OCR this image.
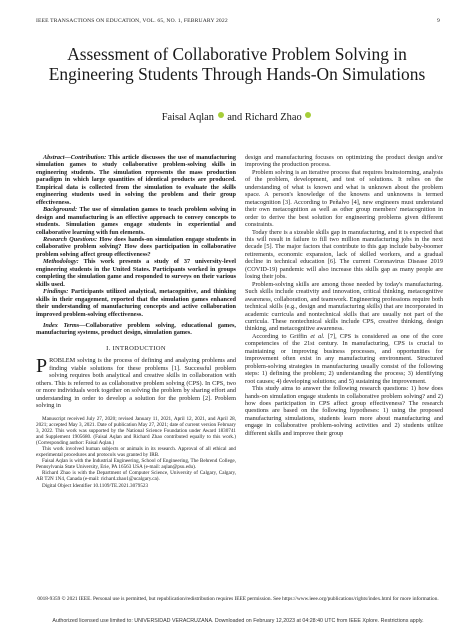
IEEE TRANSACTIONS ON EDUCATION, VOL. 65, NO. 1, FEBRUARY 2022	9
Assessment of Collaborative Problem Solving in Engineering Students Through Hands-On Simulations
Faisal Aqlan and Richard Zhao

Abstract—Contribution: This article discusses the use of manufacturing simulation games to study collaborative problem-solving skills in engineering students. The simulation represents the mass production paradigm in which large quantities of identical products are produced. Empirical data is collected from the simulation to evaluate the skills engineering students used in solving the problem and their group effectiveness.

Background: The use of simulation games to teach problem solving in design and manufacturing is an effective approach to convey concepts to students. Simulation games engage students in experiential and collaborative learning with fun elements.

Research Questions: How does hands-on simulation engage students in collaborative problem solving? How does participation in collaborative problem solving affect group effectiveness?

Methodology: This work presents a study of 37 university-level engineering students in the United States. Participants worked in groups completing the simulation game and responded to surveys on their various skills used.

Findings: Participants utilized analytical, metacognitive, and thinking skills in their engagement, reported that the simulation games enhanced their understanding of manufacturing concepts and active collaboration improved problem-solving effectiveness.

Index Terms—Collaborative problem solving, educational games, manufacturing systems, product design, simulation games.

I. INTRODUCTION

PROBLEM solving is the process of defining and analyzing problems and finding viable solutions for these problems [1]. Successful problem solving requires both analytical and creative skills in collaboration with others. This is referred to as collaborative problem solving (CPS). In CPS, two or more individuals work together on solving the problem by sharing effort and understanding in order to develop a solution for the problem [2]. Problem solving in

Manuscript received July 27, 2020; revised January 11, 2021, April 12, 2021, and April 28, 2021; accepted May 3, 2021. Date of publication May 27, 2021; date of current version February 3, 2022. This work was supported by the National Science Foundation under Award 1830741 and Supplement 1905680. (Faisal Aqlan and Richard Zhao contributed equally to this work.) (Corresponding author: Faisal Aqlan.)

This work involved human subjects or animals in its research. Approval of all ethical and experimental procedures and protocols was granted by IRB.

Faisal Aqlan is with the Industrial Engineering, School of Engineering, The Behrend College, Pennsylvania State University, Erie, PA 16563 USA (e-mail: aqlan@psu.edu).

Richard Zhao is with the Department of Computer Science, University of Calgary, Calgary, AB T2N 1N4, Canada (e-mail: richard.zhao1@ucalgary.ca).

Digital Object Identifier 10.1109/TE.2021.3079523

design and manufacturing focuses on optimizing the product design and/or improving the production process.

Problem solving is an iterative process that requires brainstorming, analysis of the problem, development, and test of solutions. It relies on the understanding of what is known and what is unknown about the problem space. A person's knowledge of the knowns and unknowns is termed metacognition [3]. According to Peñalvo [4], new engineers must understand their own metacognition as well as other group members' metacognition in order to derive the best solution for engineering problems given different constraints.

Today there is a sizeable skills gap in manufacturing, and it is expected that this will result in failure to fill two million manufacturing jobs in the next decade [5]. The major factors that contribute to this gap include baby-boomer retirements, economic expansion, lack of skilled workers, and a gradual decline in technical education [6]. The current Coronavirus Disease 2019 (COVID-19) pandemic will also increase this skills gap as many people are losing their jobs.

Problem-solving skills are among those needed by today's manufacturing. Such skills include creativity and innovation, critical thinking, metacognitive awareness, collaboration, and teamwork. Engineering professions require both technical skills (e.g., design and manufacturing skills) that are incorporated in academic curricula and nontechnical skills that are usually not part of the curricula. These nontechnical skills include CPS, creative thinking, design thinking, and metacognitive awareness.

According to Griffin et al. [7], CPS is considered as one of the core competencies of the 21st century. In manufacturing, CPS is crucial to maintaining or improving business processes, and opportunities for improvement often exist in any manufacturing environment. Structured problem-solving strategies in manufacturing usually consist of the following steps: 1) defining the problem; 2) understanding the process; 3) identifying root causes; 4) developing solutions; and 5) sustaining the improvement.

This study aims to answer the following research questions: 1) how does hands-on simulation engage students in collaborative problem solving? and 2) how does participation in CPS affect group effectiveness? The research questions are based on the following hypotheses: 1) using the proposed manufacturing simulations, students learn more about manufacturing and engage in collaborative problem-solving activities and 2) students utilize different skills and improve their group

0018-9359 © 2021 IEEE. Personal use is permitted, but republication/redistribution requires IEEE permission. See https://www.ieee.org/publications/rights/index.html for more information.
Authorized licensed use limited to: UNIVERSIDAD VERACRUZANA. Downloaded on February 12,2023 at 04:28:40 UTC from IEEE Xplore. Restrictions apply.
